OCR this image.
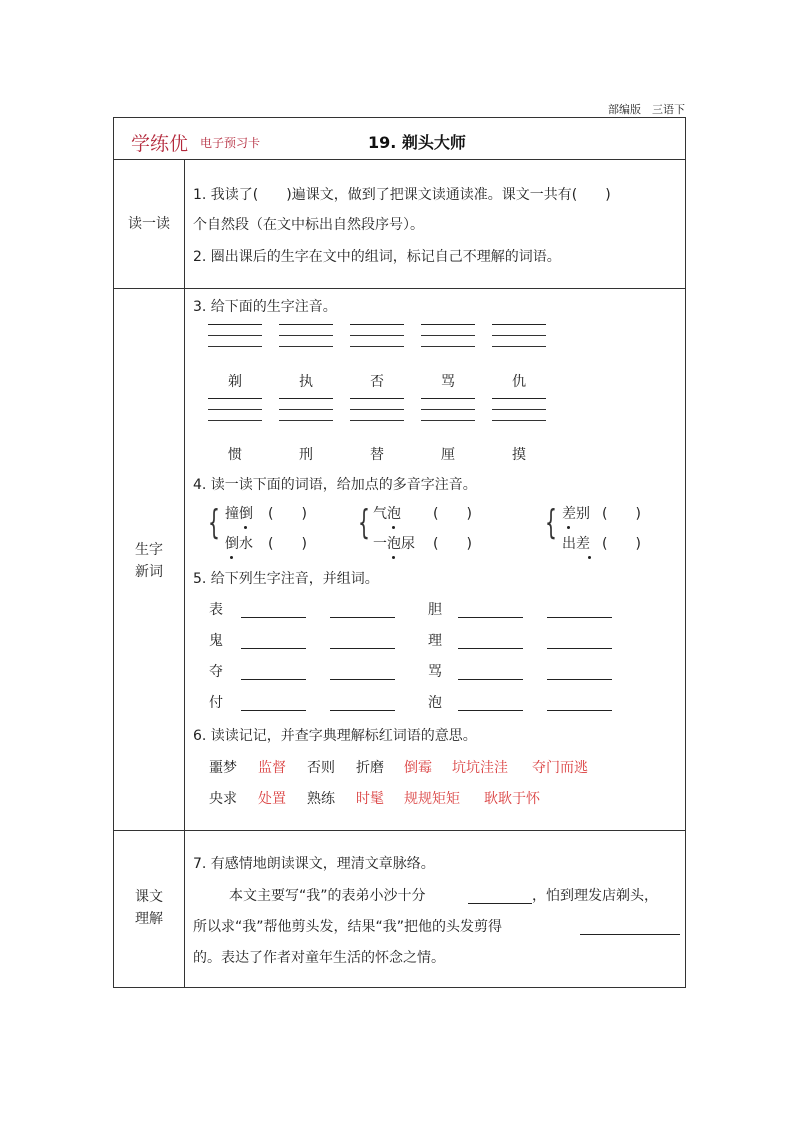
部编版　三语下
学练优 电子预习卡	19. 剃头大师
读一读
生字
新词
课文
理解
1. 我读了(　　)遍课文，做到了把课文读通读准。课文一共有(　　)
个自然段（在文中标出自然段序号）。
2. 圈出课后的生字在文中的组词，标记自己不理解的词语。
3. 给下面的生字注音。
剃	执	否	骂	仇
惯	刑	替	厘	摸
4. 读一读下面的词语，给加点的多音字注音。
{ 撞倒 (　　)
倒水 (　　)
{ 气泡 (　　)
一泡尿 (　　)
{ 差别 (　　)
出差 (　　)
5. 给下列生字注音，并组词。
表	胆
鬼	理
夺	骂
付	泡
6. 读读记记，并查字典理解标红词语的意思。
噩梦 监督 否则 折磨 倒霉 坑坑洼洼 夺门而逃
央求 处置 熟练 时髦 规规矩矩 耿耿于怀
7. 有感情地朗读课文，理清文章脉络。
本文主要写“我”的表弟小沙十分	，怕到理发店剃头，
所以求“我”帮他剪头发，结果“我”把他的头发剪得
的。表达了作者对童年生活的怀念之情。
